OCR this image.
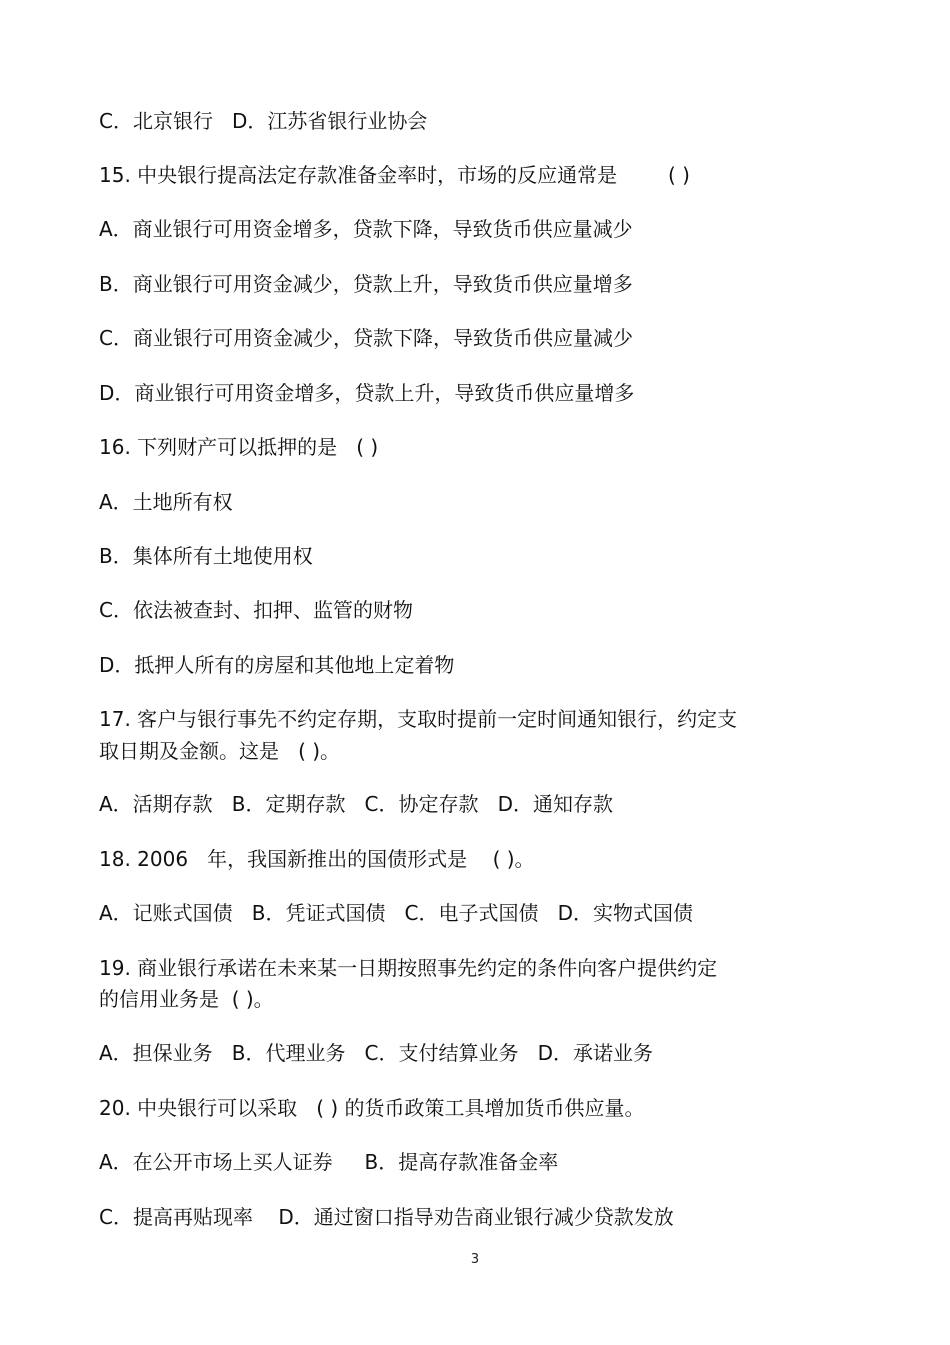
C．北京银行   D．江苏省银行业协会

15. 中央银行提高法定存款准备金率时，市场的反应通常是        ( )

A．商业银行可用资金增多，贷款下降，导致货币供应量减少

B．商业银行可用资金减少，贷款上升，导致货币供应量增多

C．商业银行可用资金减少，贷款下降，导致货币供应量减少

D．商业银行可用资金增多，贷款上升，导致货币供应量增多

16. 下列财产可以抵押的是   ( )

A．土地所有权

B．集体所有土地使用权

C．依法被查封、扣押、监管的财物

D．抵押人所有的房屋和其他地上定着物

17. 客户与银行事先不约定存期，支取时提前一定时间通知银行，约定支

取日期及金额。这是   ( )。

A．活期存款   B．定期存款   C．协定存款   D．通知存款

18. 2006   年，我国新推出的国债形式是    ( )。

A．记账式国债   B．凭证式国债   C．电子式国债   D．实物式国债

19. 商业银行承诺在未来某一日期按照事先约定的条件向客户提供约定

的信用业务是  ( )。

A．担保业务   B．代理业务   C．支付结算业务   D．承诺业务

20. 中央银行可以采取   ( ) 的货币政策工具增加货币供应量。

A．在公开市场上买人证券     B．提高存款准备金率

C．提高再贴现率    D．通过窗口指导劝告商业银行减少贷款发放

3
